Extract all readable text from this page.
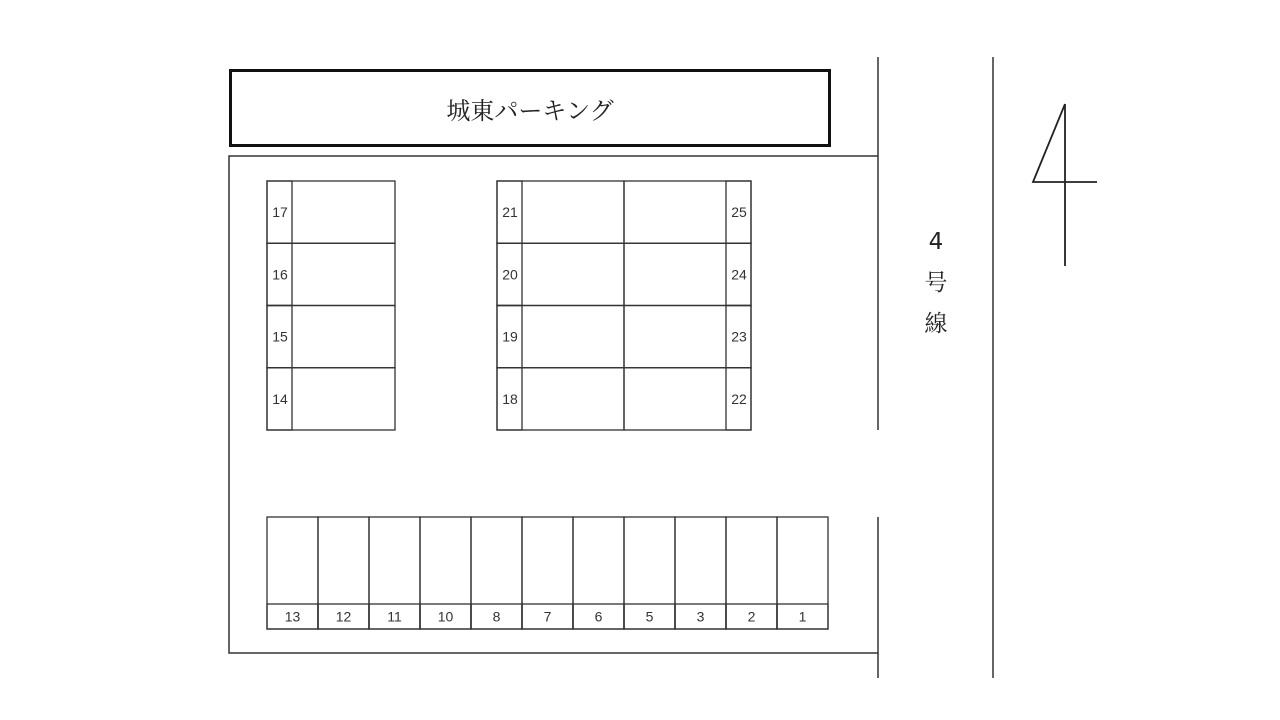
17
16
15
14
21
20
19
18
25
24
23
22
13	12	11	10	8	7	6	5	3	2	1
城東パーキング
4
号
線
